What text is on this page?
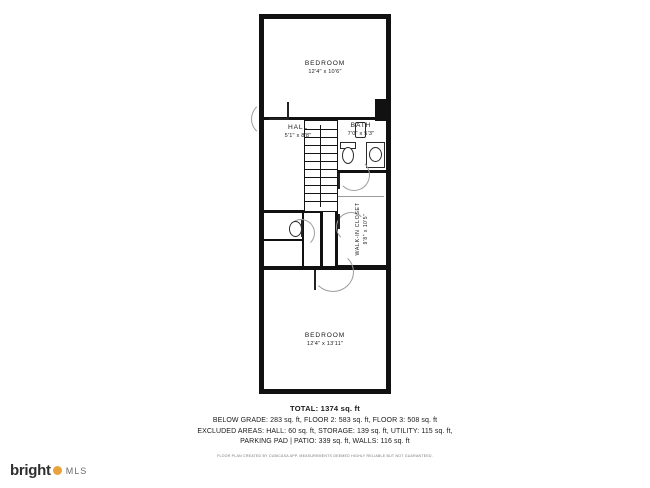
BEDROOM
12'4" x 10'6"
HALL
5'1" x 8'8"
BATH
7'0" x 5'3"
WALK-IN CLOSET 9'8" x 10'5"
BEDROOM
12'4" x 13'11"
TOTAL: 1374 sq. ft
BELOW GRADE: 283 sq. ft, FLOOR 2: 583 sq. ft, FLOOR 3: 508 sq. ft
EXCLUDED AREAS: HALL: 60 sq. ft, STORAGE: 139 sq. ft, UTILITY: 115 sq. ft,
PARKING PAD | PATIO: 339 sq. ft, WALLS: 116 sq. ft
FLOOR PLAN CREATED BY CUBICASA APP. MEASUREMENTS DEEMED HIGHLY RELIABLE BUT NOT GUARANTEED.
bright MLS
